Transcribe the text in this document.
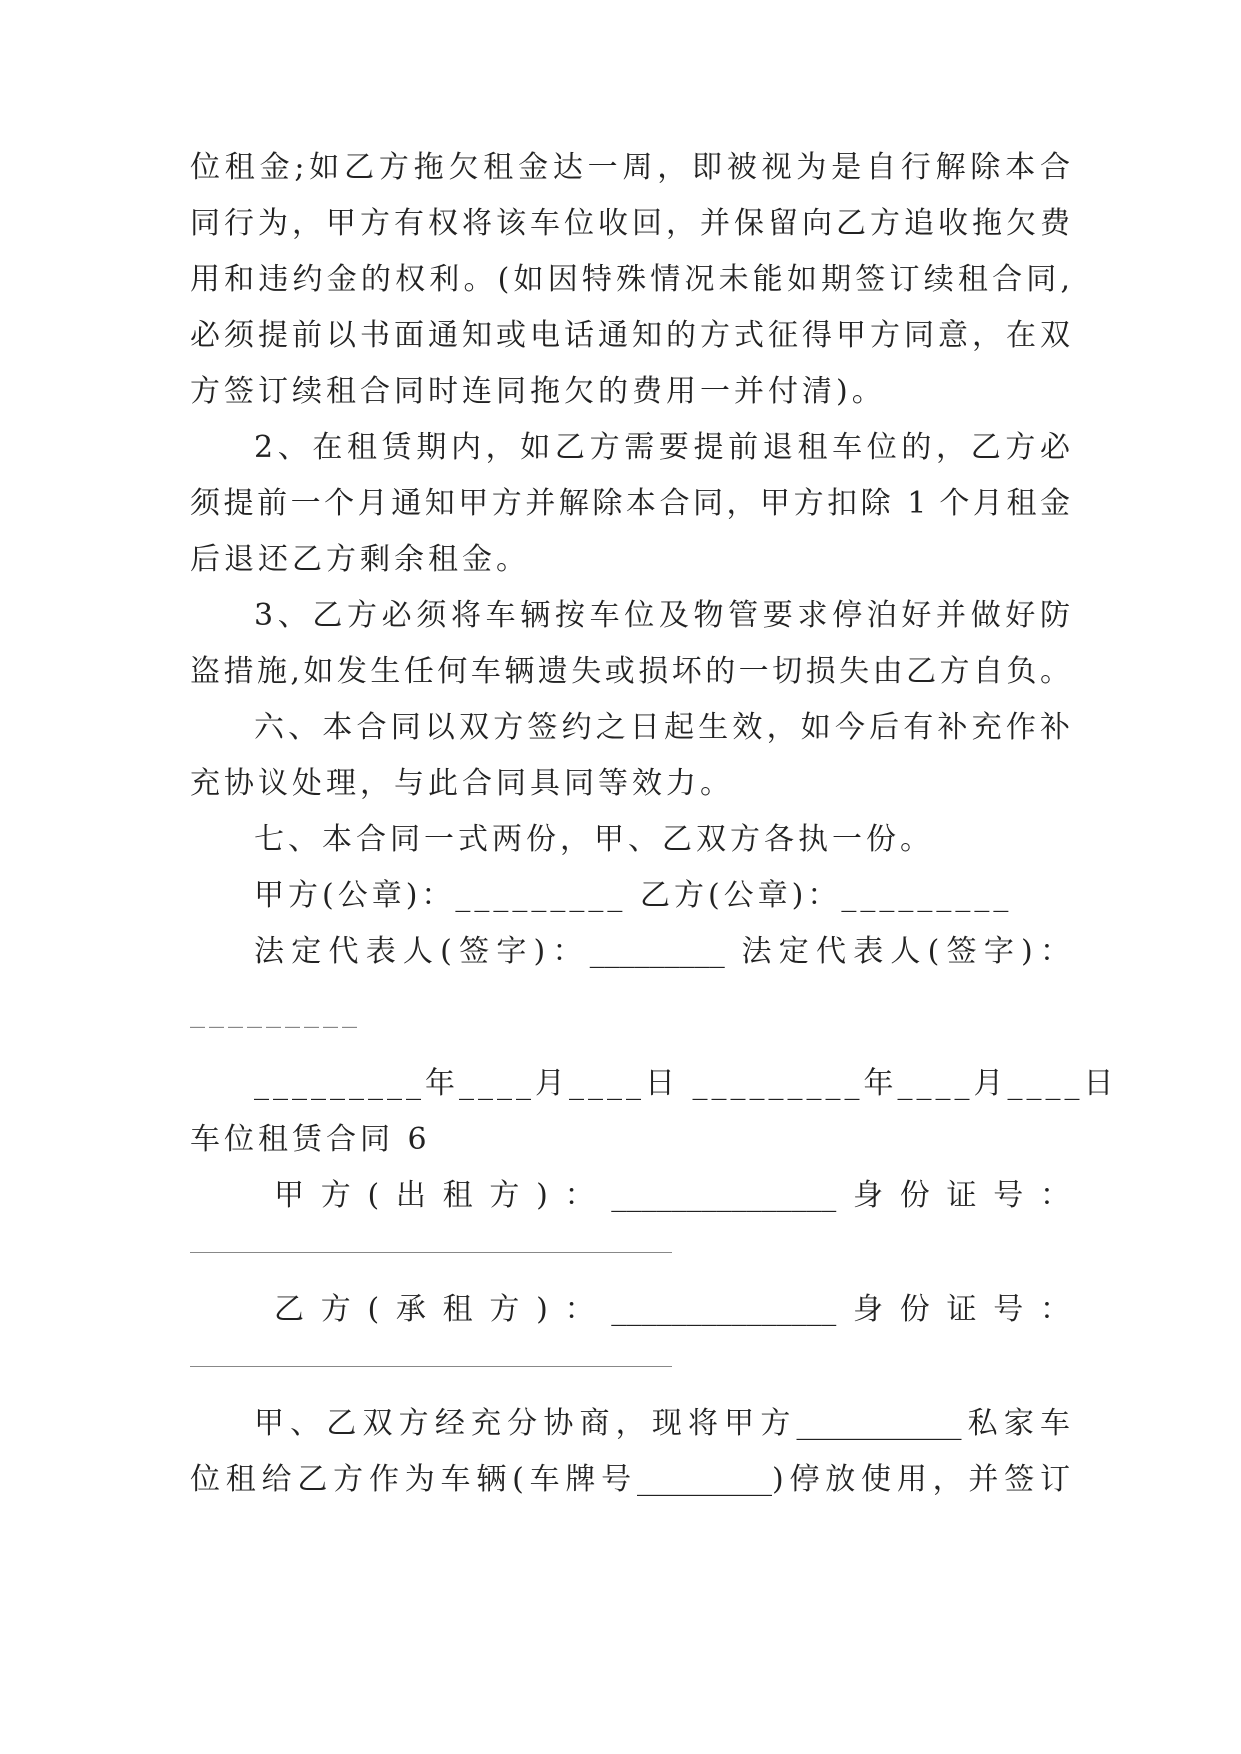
位租金;如乙方拖欠租金达一周，即被视为是自行解除本合
同行为，甲方有权将该车位收回，并保留向乙方追收拖欠费
用和违约金的权利。(如因特殊情况未能如期签订续租合同,
必须提前以书面通知或电话通知的方式征得甲方同意，在双
方签订续租合同时连同拖欠的费用一并付清)。
2、在租赁期内，如乙方需要提前退租车位的，乙方必
须提前一个月通知甲方并解除本合同，甲方扣除 1 个月租金
后退还乙方剩余租金。
3、乙方必须将车辆按车位及物管要求停泊好并做好防
盗措施,如发生任何车辆遗失或损坏的一切损失由乙方自负。
六、本合同以双方签约之日起生效，如今后有补充作补
充协议处理，与此合同具同等效力。
七、本合同一式两份，甲、乙双方各执一份。
甲方(公章)：_________ 乙方(公章)：_________
法定代表人(签字)：_________ 法定代表人(签字)：
_________
_________年____月____日 _________年____月____日
车位租赁合同 6
甲方(出租方)：_______________身份证号：
乙方(承租方)：_______________身份证号：
甲、乙双方经充分协商，现将甲方___________私家车
位租给乙方作为车辆(车牌号_________)停放使用，并签订
